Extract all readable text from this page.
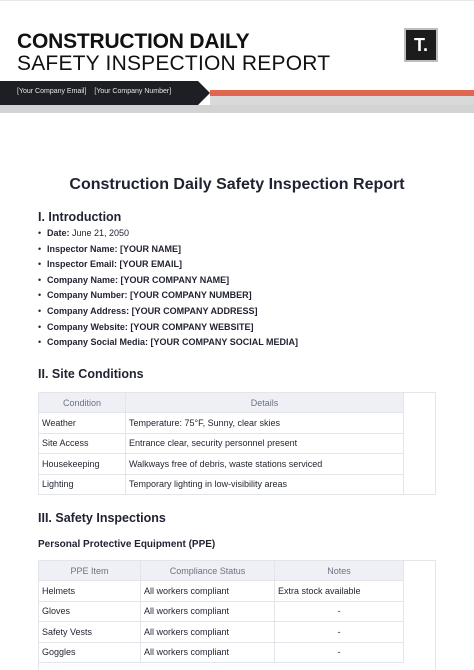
CONSTRUCTION DAILY
SAFETY INSPECTION REPORT
T.
[Your Company Email] [Your Company Number]
Construction Daily Safety Inspection Report
I. Introduction
• Date: June 21, 2050
• Inspector Name: [YOUR NAME]
• Inspector Email: [YOUR EMAIL]
• Company Name: [YOUR COMPANY NAME]
• Company Number: [YOUR COMPANY NUMBER]
• Company Address: [YOUR COMPANY ADDRESS]
• Company Website: [YOUR COMPANY WEBSITE]
• Company Social Media: [YOUR COMPANY SOCIAL MEDIA]
II. Site Conditions
Condition	Details
Weather	Temperature: 75°F, Sunny, clear skies
Site Access	Entrance clear, security personnel present
Housekeeping	Walkways free of debris, waste stations serviced
Lighting	Temporary lighting in low-visibility areas
III. Safety Inspections
Personal Protective Equipment (PPE)
PPE Item	Compliance Status	Notes
Helmets	All workers compliant	Extra stock available
Gloves	All workers compliant	-
Safety Vests	All workers compliant	-
Goggles	All workers compliant	-
